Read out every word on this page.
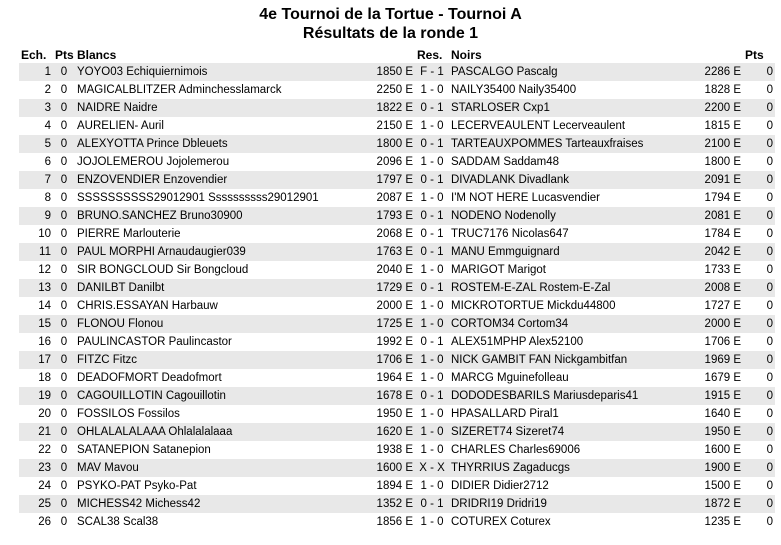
4e Tournoi de la Tortue - Tournoi A
Résultats de la ronde 1
Ech.	Pts	Blancs		Res.	Noirs		Pts
1	0	YOYO03 Echiquiernimois	1850 E	F - 1	PASCALGO Pascalg	2286 E	0
2	0	MAGICALBLITZER Adminchesslamarck	2250 E	1 - 0	NAILY35400 Naily35400	1828 E	0
3	0	NAIDRE Naidre	1822 E	0 - 1	STARLOSER Cxp1	2200 E	0
4	0	AURELIEN- Auril	2150 E	1 - 0	LECERVEAULENT Lecerveaulent	1815 E	0
5	0	ALEXYOTTA Prince Dbleuets	1800 E	0 - 1	TARTEAUXPOMMES Tarteauxfraises	2100 E	0
6	0	JOJOLEMEROU Jojolemerou	2096 E	1 - 0	SADDAM Saddam48	1800 E	0
7	0	ENZOVENDIER Enzovendier	1797 E	0 - 1	DIVADLANK Divadlank	2091 E	0
8	0	SSSSSSSSSS29012901 Ssssssssss29012901	2087 E	1 - 0	I'M NOT HERE Lucasvendier	1794 E	0
9	0	BRUNO.SANCHEZ Bruno30900	1793 E	0 - 1	NODENO Nodenolly	2081 E	0
10	0	PIERRE Marlouterie	2068 E	0 - 1	TRUC7176 Nicolas647	1784 E	0
11	0	PAUL MORPHI Arnaudaugier039	1763 E	0 - 1	MANU Emmguignard	2042 E	0
12	0	SIR BONGCLOUD Sir Bongcloud	2040 E	1 - 0	MARIGOT Marigot	1733 E	0
13	0	DANILBT Danilbt	1729 E	0 - 1	ROSTEM-E-ZAL Rostem-E-Zal	2008 E	0
14	0	CHRIS.ESSAYAN Harbauw	2000 E	1 - 0	MICKROTORTUE Mickdu44800	1727 E	0
15	0	FLONOU Flonou	1725 E	1 - 0	CORTOM34 Cortom34	2000 E	0
16	0	PAULINCASTOR Paulincastor	1992 E	0 - 1	ALEX51MPHP Alex52100	1706 E	0
17	0	FITZC Fitzc	1706 E	1 - 0	NICK GAMBIT FAN Nickgambitfan	1969 E	0
18	0	DEADOFMORT Deadofmort	1964 E	1 - 0	MARCG Mguinefolleau	1679 E	0
19	0	CAGOUILLOTIN Cagouillotin	1678 E	0 - 1	DODODESBARILS Mariusdeparis41	1915 E	0
20	0	FOSSILOS Fossilos	1950 E	1 - 0	HPASALLARD Piral1	1640 E	0
21	0	OHLALALALAAA Ohlalalalaaa	1620 E	1 - 0	SIZERET74 Sizeret74	1950 E	0
22	0	SATANEPION Satanepion	1938 E	1 - 0	CHARLES Charles69006	1600 E	0
23	0	MAV Mavou	1600 E	X - X	THYRRIUS Zagaducgs	1900 E	0
24	0	PSYKO-PAT Psyko-Pat	1894 E	1 - 0	DIDIER Didier2712	1500 E	0
25	0	MICHESS42 Michess42	1352 E	0 - 1	DRIDRI19 Dridri19	1872 E	0
26	0	SCAL38 Scal38	1856 E	1 - 0	COTUREX Coturex	1235 E	0
